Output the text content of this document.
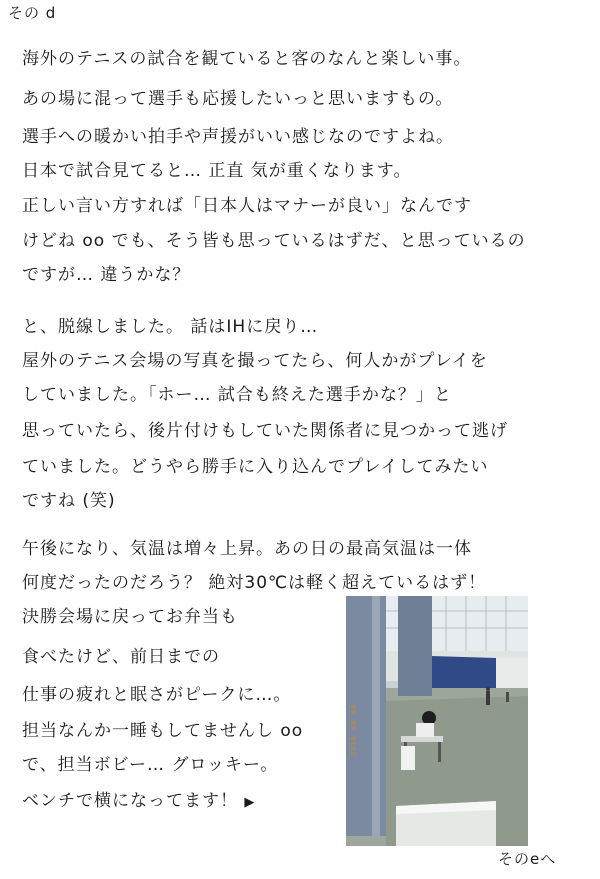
その d
海外のテニスの試合を観ていると客のなんと楽しい事。
あの場に混って選手も応援したいっと思いますもの。
選手への暖かい拍手や声援がいい感じなのですよね。
日本で試合見てると… 正直 気が重くなります。
正しい言い方すれば「日本人はマナーが良い」なんです
けどね oo でも、そう皆も思っているはずだ、と思っているの
ですが… 違うかな？
と、脱線しました。 話はIHに戻り…
屋外のテニス会場の写真を撮ってたら、何人かがプレイを
していました。「ホー… 試合も終えた選手かな？」と
思っていたら、後片付けもしていた関係者に見つかって逃げ
ていました。どうやら勝手に入り込んでプレイしてみたい
ですね (笑)
午後になり、気温は増々上昇。あの日の最高気温は一体
何度だったのだろう？ 絶対30℃は軽く超えているはず！
決勝会場に戻ってお弁当も
食べたけど、前日までの
仕事の疲れと眠さがピークに…。
担当なんか一睡もしてませんし oo
で、担当ボビー… グロッキー。
ベンチで横になってます！ ▶
2010 08 08
そのeへ
